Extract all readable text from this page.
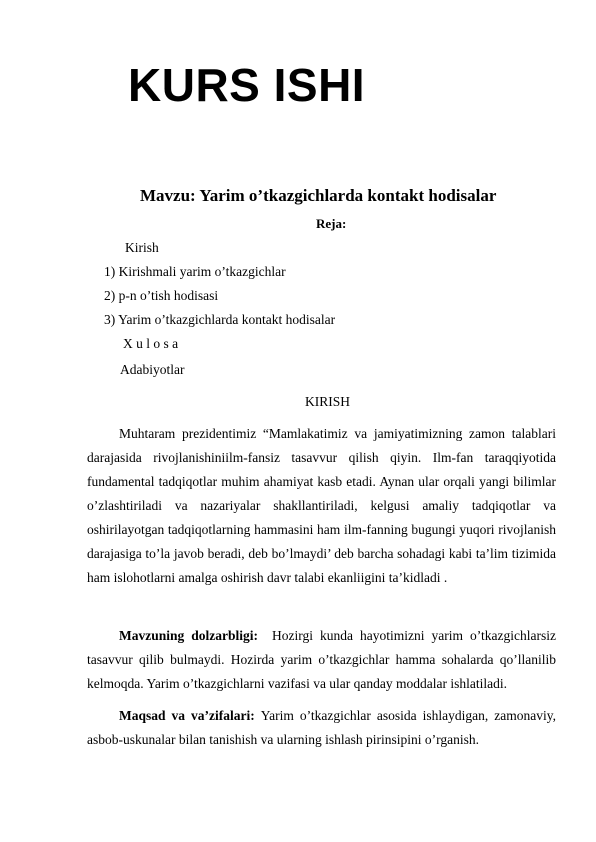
KURS ISHI
Mavzu: Yarim o’tkazgichlarda kontakt hodisalar
Reja:
Kirish
1) Kirishmali yarim o’tkazgichlar
2) p-n o’tish hodisasi
3) Yarim o’tkazgichlarda kontakt hodisalar
X u l o s a
Adabiyotlar
KIRISH
Muhtaram prezidentimiz “Mamlakatimiz va jamiyatimizning zamon talablari darajasida rivojlanishiniilm-fansiz tasavvur qilish qiyin. Ilm-fan taraqqiyotida fundamental tadqiqotlar muhim ahamiyat kasb etadi. Aynan ular orqali yangi bilimlar o’zlashtiriladi va nazariyalar shakllantiriladi, kelgusi amaliy tadqiqotlar va oshirilayotgan tadqiqotlarning hammasini ham ilm-fanning bugungi yuqori rivojlanish darajasiga to’la javob beradi, deb bo’lmaydi’ deb barcha sohadagi kabi ta’lim tizimida ham islohotlarni amalga oshirish davr talabi ekanliigini ta’kidladi .
Mavzuning dolzarbligi: Hozirgi kunda hayotimizni yarim o’tkazgichlarsiz tasavvur qilib bulmaydi. Hozirda yarim o’tkazgichlar hamma sohalarda qo’llanilib kelmoqda. Yarim o’tkazgichlarni vazifasi va ular qanday moddalar ishlatiladi.
Maqsad va va’zifalari: Yarim o’tkazgichlar asosida ishlaydigan, zamonaviy, asbob-uskunalar bilan tanishish va ularning ishlash pirinsipini o’rganish.
